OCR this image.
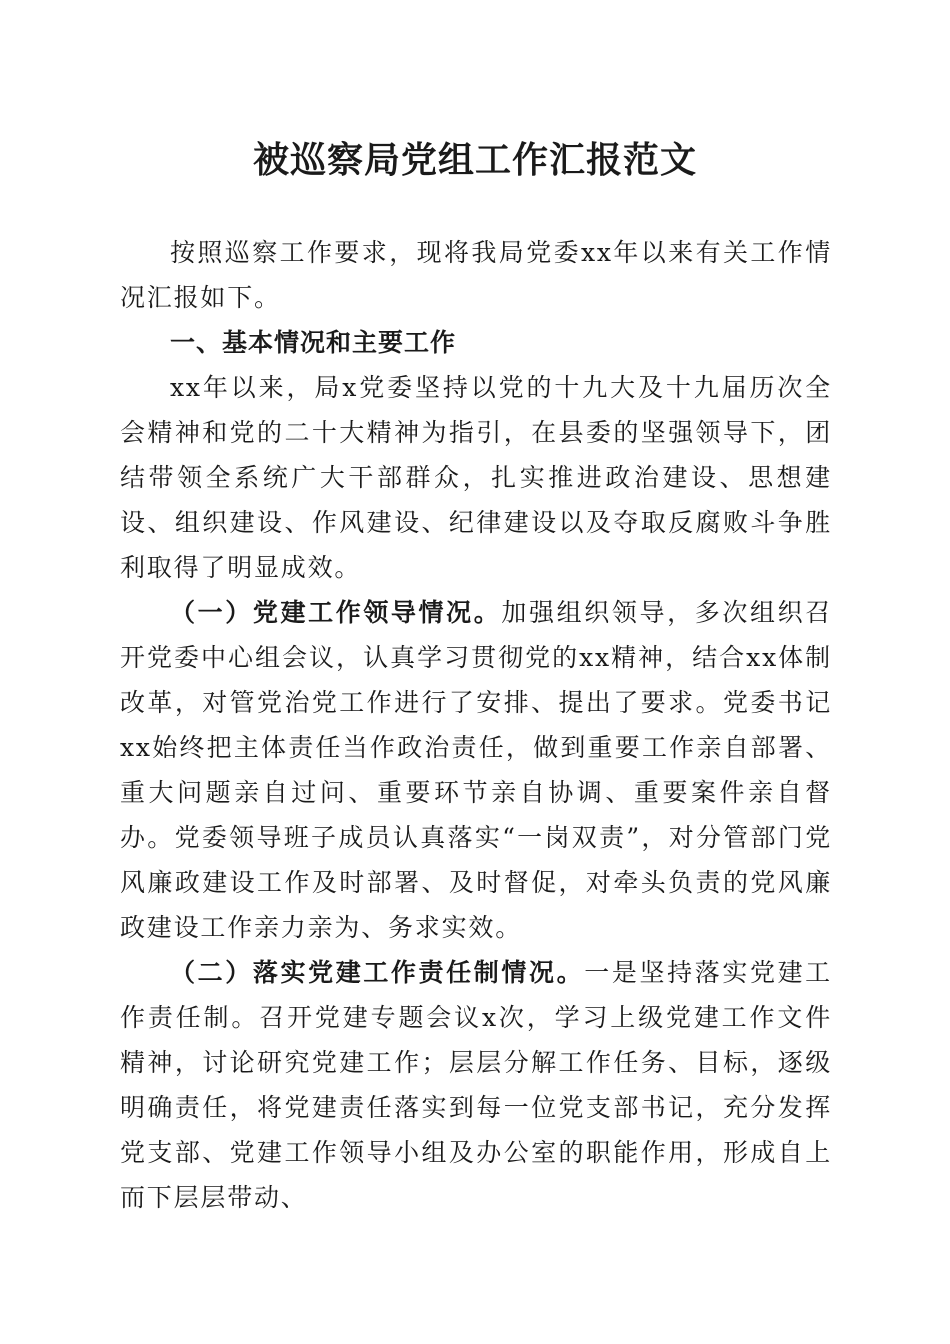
被巡察局党组工作汇报范文

按照巡察工作要求，现将我局党委xx年以来有关工作情况汇报如下。

一、基本情况和主要工作

xx年以来，局x党委坚持以党的十九大及十九届历次全会精神和党的二十大精神为指引，在县委的坚强领导下，团结带领全系统广大干部群众，扎实推进政治建设、思想建设、组织建设、作风建设、纪律建设以及夺取反腐败斗争胜利取得了明显成效。

（一）党建工作领导情况。加强组织领导，多次组织召开党委中心组会议，认真学习贯彻党的xx精神，结合xx体制改革，对管党治党工作进行了安排、提出了要求。党委书记xx始终把主体责任当作政治责任，做到重要工作亲自部署、重大问题亲自过问、重要环节亲自协调、重要案件亲自督办。党委领导班子成员认真落实“一岗双责”，对分管部门党风廉政建设工作及时部署、及时督促，对牵头负责的党风廉政建设工作亲力亲为、务求实效。

（二）落实党建工作责任制情况。一是坚持落实党建工作责任制。召开党建专题会议x次，学习上级党建工作文件精神，讨论研究党建工作；层层分解工作任务、目标，逐级明确责任，将党建责任落实到每一位党支部书记，充分发挥党支部、党建工作领导小组及办公室的职能作用，形成自上而下层层带动、
